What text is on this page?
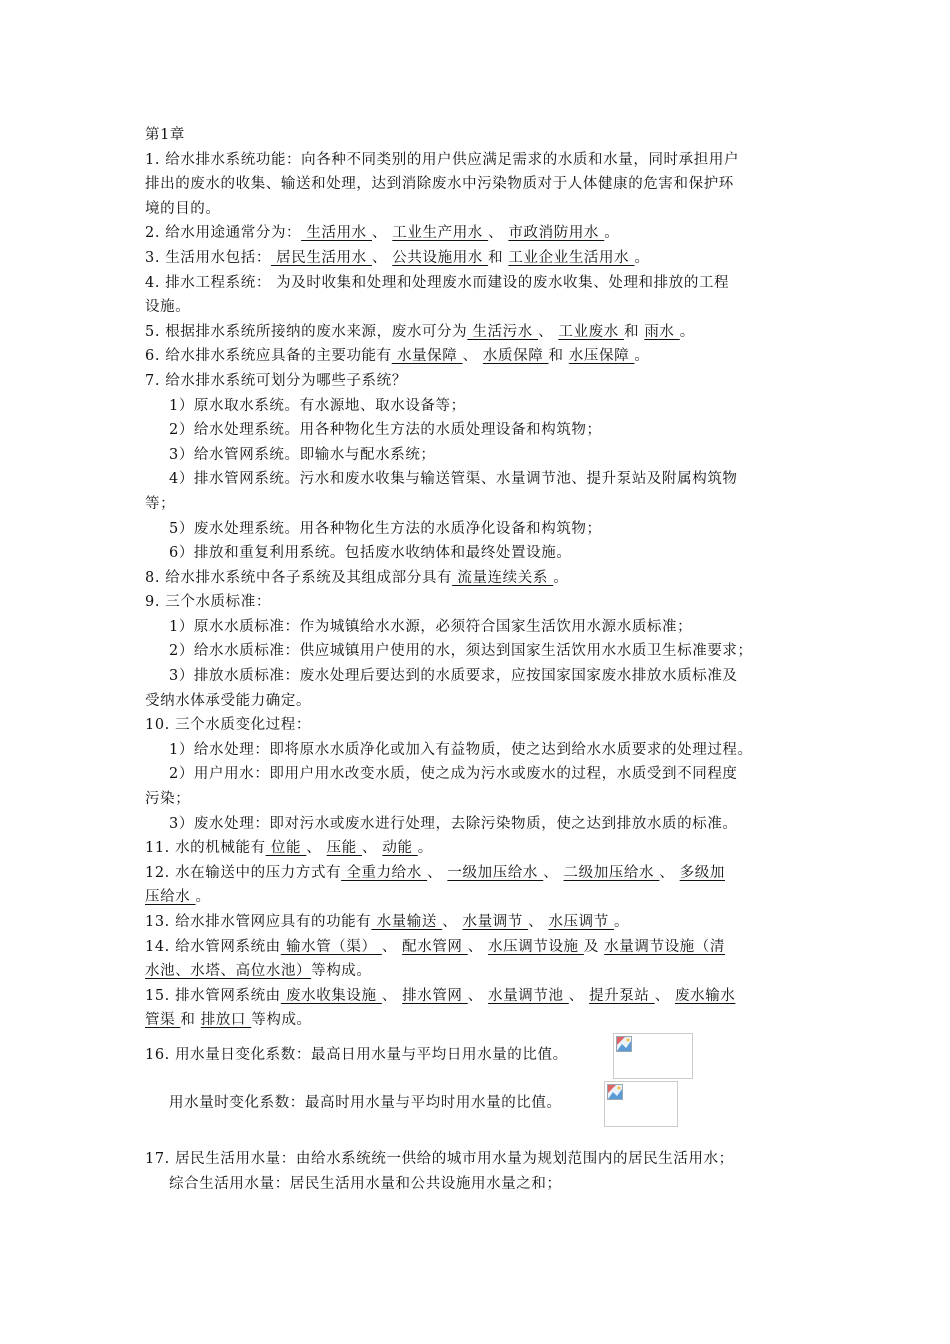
第1章
1. 给水排水系统功能：向各种不同类别的用户供应满足需求的水质和水量，同时承担用户
排出的废水的收集、输送和处理，达到消除废水中污染物质对于人体健康的危害和保护环
境的目的。
2. 给水用途通常分为： 生活用水 、 工业生产用水 、 市政消防用水 。
3. 生活用水包括： 居民生活用水 、 公共设施用水 和 工业企业生活用水 。
4. 排水工程系统： 为及时收集和处理和处理废水而建设的废水收集、处理和排放的工程
设施。
5. 根据排水系统所接纳的废水来源，废水可分为 生活污水 、 工业废水 和 雨水 。
6. 给水排水系统应具备的主要功能有 水量保障 、 水质保障 和 水压保障 。
7. 给水排水系统可划分为哪些子系统？
1）原水取水系统。有水源地、取水设备等；
2）给水处理系统。用各种物化生方法的水质处理设备和构筑物；
3）给水管网系统。即输水与配水系统；
4）排水管网系统。污水和废水收集与输送管渠、水量调节池、提升泵站及附属构筑物
等；
5）废水处理系统。用各种物化生方法的水质净化设备和构筑物；
6）排放和重复利用系统。包括废水收纳体和最终处置设施。
8. 给水排水系统中各子系统及其组成部分具有 流量连续关系 。
9. 三个水质标准：
1）原水水质标准：作为城镇给水水源，必须符合国家生活饮用水源水质标准；
2）给水水质标准：供应城镇用户使用的水，须达到国家生活饮用水水质卫生标准要求；
3）排放水质标准：废水处理后要达到的水质要求，应按国家国家废水排放水质标准及
受纳水体承受能力确定。
10. 三个水质变化过程：
1）给水处理：即将原水水质净化或加入有益物质，使之达到给水水质要求的处理过程。
2）用户用水：即用户用水改变水质，使之成为污水或废水的过程，水质受到不同程度
污染；
3）废水处理：即对污水或废水进行处理，去除污染物质，使之达到排放水质的标准。
11. 水的机械能有 位能 、 压能 、 动能 。
12. 水在输送中的压力方式有 全重力给水 、 一级加压给水 、 二级加压给水 、 多级加
压给水 。
13. 给水排水管网应具有的功能有 水量输送 、 水量调节 、 水压调节 。
14. 给水管网系统由 输水管（渠） 、 配水管网 、 水压调节设施 及 水量调节设施（清
水池、水塔、高位水池）等构成。
15. 排水管网系统由 废水收集设施 、 排水管网 、 水量调节池 、 提升泵站 、 废水输水
管渠 和 排放口 等构成。
16. 用水量日变化系数：最高日用水量与平均日用水量的比值。
用水量时变化系数：最高时用水量与平均时用水量的比值。
17. 居民生活用水量：由给水系统统一供给的城市用水量为规划范围内的居民生活用水；
综合生活用水量：居民生活用水量和公共设施用水量之和；
